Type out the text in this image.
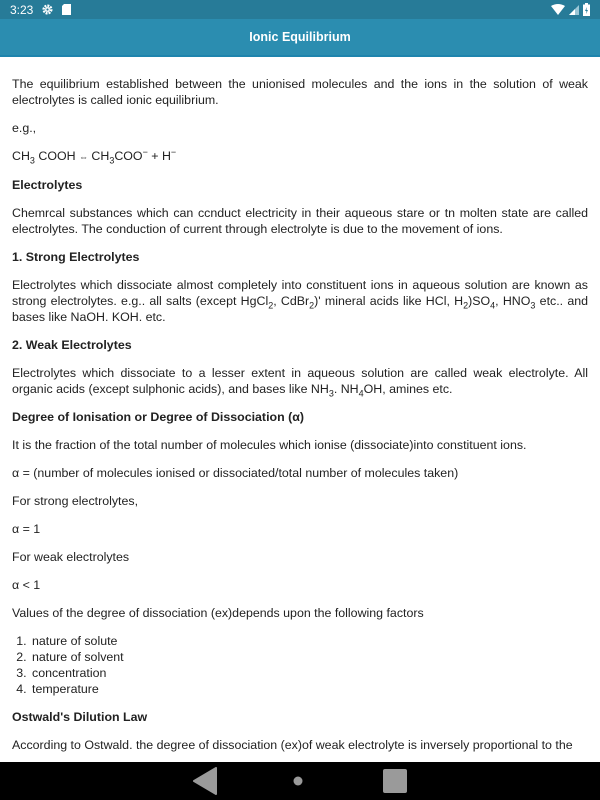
3:23
Ionic Equilibrium

The equilibrium established between the unionised molecules and the ions in the solution of weak electrolytes is called ionic equilibrium.

e.g.,

$CH_3$ COOH ⇔ $CH_3COO^- + H^-$

Electrolytes

Chemrcal substances which can ccnduct electricity in their aqueous stare or tn molten state are called electrolytes. The conduction of current through electrolyte is due to the movement of ions.

1. Strong Electrolytes

Electrolytes which dissociate almost completely into constituent ions in aqueous solution are known as strong electrolytes. e.g.. all salts (except HgCl$_2$, CdBr$_2$)' mineral acids like HCl, $H_2)SO_4$, $HNO_3$ etc.. and bases like NaOH. KOH. etc.

2. Weak Electrolytes

Electrolytes which dissociate to a lesser extent in aqueous solution are called weak electrolyte. All organic acids (except sulphonic acids), and bases like $NH_3$. $NH_4OH$, amines etc.

Degree of Ionisation or Degree of Dissociation (α)

It is the fraction of the total number of molecules which ionise (dissociate)into constituent ions.

α = (number of molecules ionised or dissociated/total number of molecules taken)

For strong electrolytes,

α = 1

For weak electrolytes

α < 1

Values of the degree of dissociation (ex)depends upon the following factors

1. nature of solute
2. nature of solvent
3. concentration
4. temperature
Ostwald's Dilution Law

According to Ostwald. the degree of dissociation (ex)of weak electrolyte is inversely proportional to the
